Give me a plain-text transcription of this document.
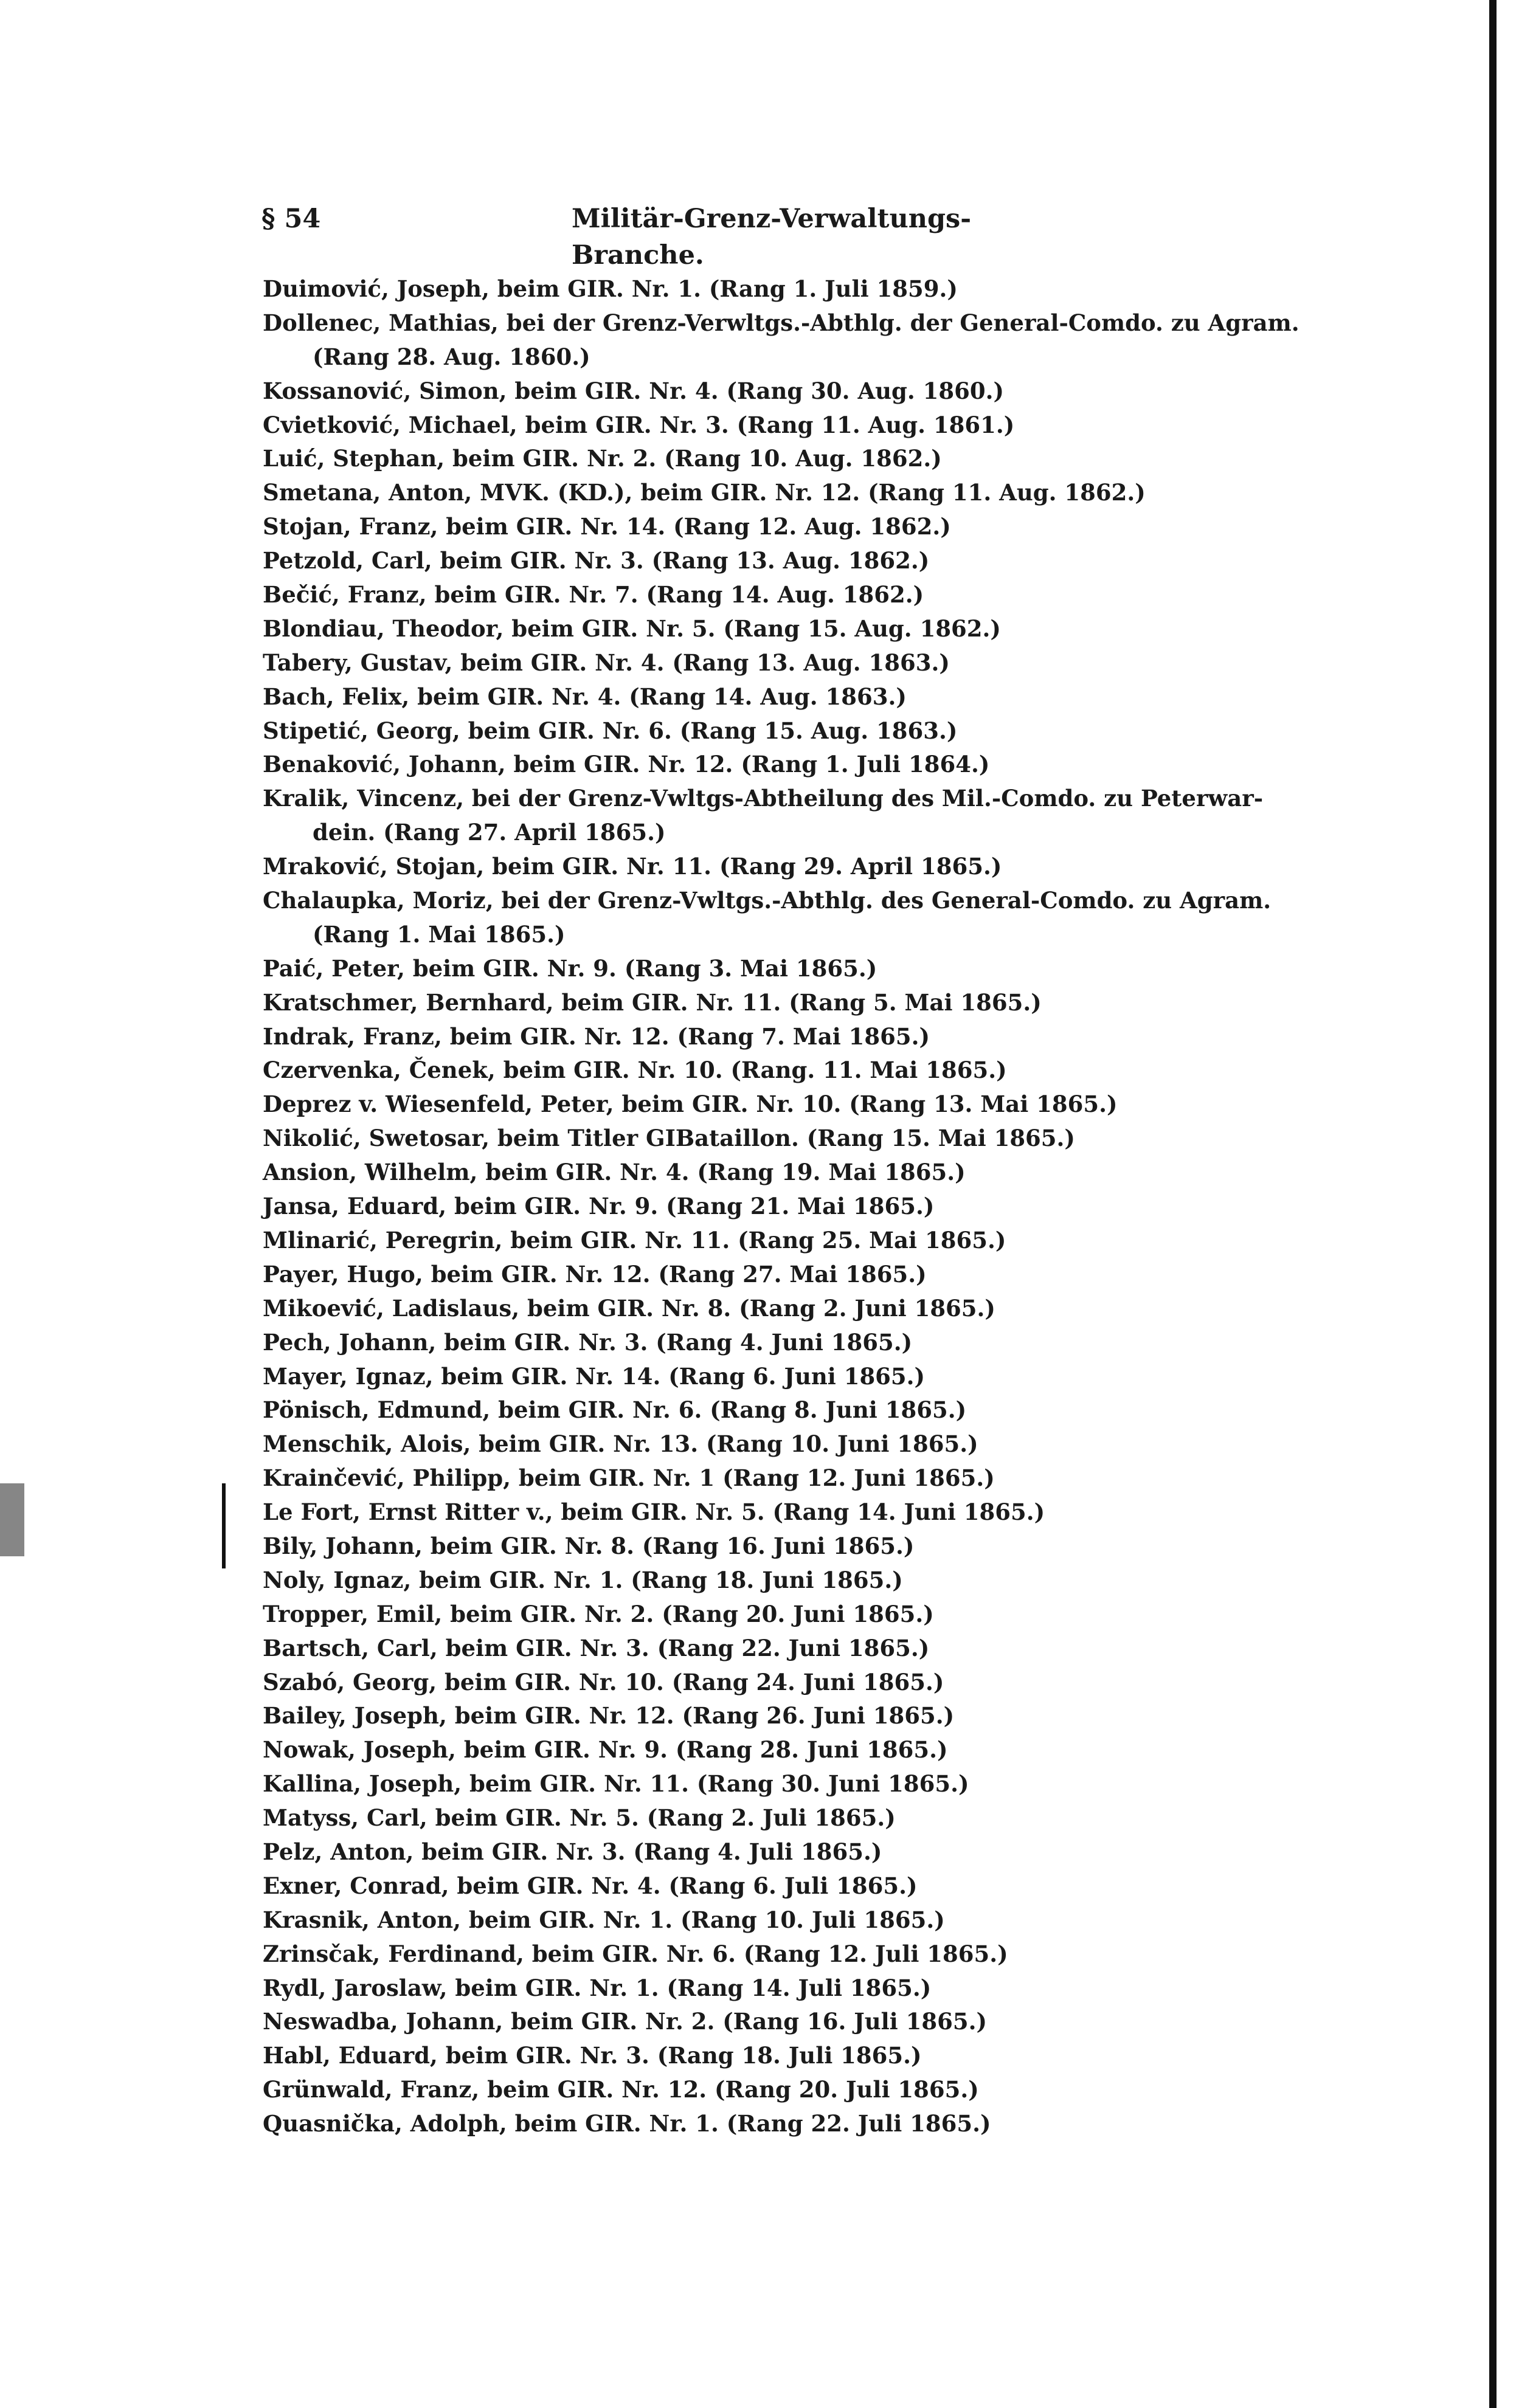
§ 54	Militär-Grenz-Verwaltungs-Branche.
Duimović, Joseph, beim GIR. Nr. 1. (Rang 1. Juli 1859.)
Dollenec, Mathias, bei der Grenz-Verwltgs.-Abthlg. der General-Comdo. zu Agram.
(Rang 28. Aug. 1860.)
Kossanović, Simon, beim GIR. Nr. 4. (Rang 30. Aug. 1860.)
Cvietković, Michael, beim GIR. Nr. 3. (Rang 11. Aug. 1861.)
Luić, Stephan, beim GIR. Nr. 2. (Rang 10. Aug. 1862.)
Smetana, Anton, MVK. (KD.), beim GIR. Nr. 12. (Rang 11. Aug. 1862.)
Stojan, Franz, beim GIR. Nr. 14. (Rang 12. Aug. 1862.)
Petzold, Carl, beim GIR. Nr. 3. (Rang 13. Aug. 1862.)
Bečić, Franz, beim GIR. Nr. 7. (Rang 14. Aug. 1862.)
Blondiau, Theodor, beim GIR. Nr. 5. (Rang 15. Aug. 1862.)
Tabery, Gustav, beim GIR. Nr. 4. (Rang 13. Aug. 1863.)
Bach, Felix, beim GIR. Nr. 4. (Rang 14. Aug. 1863.)
Stipetić, Georg, beim GIR. Nr. 6. (Rang 15. Aug. 1863.)
Benaković, Johann, beim GIR. Nr. 12. (Rang 1. Juli 1864.)
Kralik, Vincenz, bei der Grenz-Vwltgs-Abtheilung des Mil.-Comdo. zu Peterwar-
dein. (Rang 27. April 1865.)
Mraković, Stojan, beim GIR. Nr. 11. (Rang 29. April 1865.)
Chalaupka, Moriz, bei der Grenz-Vwltgs.-Abthlg. des General-Comdo. zu Agram.
(Rang 1. Mai 1865.)
Paić, Peter, beim GIR. Nr. 9. (Rang 3. Mai 1865.)
Kratschmer, Bernhard, beim GIR. Nr. 11. (Rang 5. Mai 1865.)
Indrak, Franz, beim GIR. Nr. 12. (Rang 7. Mai 1865.)
Czervenka, Čenek, beim GIR. Nr. 10. (Rang. 11. Mai 1865.)
Deprez v. Wiesenfeld, Peter, beim GIR. Nr. 10. (Rang 13. Mai 1865.)
Nikolić, Swetosar, beim Titler GIBataillon. (Rang 15. Mai 1865.)
Ansion, Wilhelm, beim GIR. Nr. 4. (Rang 19. Mai 1865.)
Jansa, Eduard, beim GIR. Nr. 9. (Rang 21. Mai 1865.)
Mlinarić, Peregrin, beim GIR. Nr. 11. (Rang 25. Mai 1865.)
Payer, Hugo, beim GIR. Nr. 12. (Rang 27. Mai 1865.)
Mikoević, Ladislaus, beim GIR. Nr. 8. (Rang 2. Juni 1865.)
Pech, Johann, beim GIR. Nr. 3. (Rang 4. Juni 1865.)
Mayer, Ignaz, beim GIR. Nr. 14. (Rang 6. Juni 1865.)
Pönisch, Edmund, beim GIR. Nr. 6. (Rang 8. Juni 1865.)
Menschik, Alois, beim GIR. Nr. 13. (Rang 10. Juni 1865.)
Krainčević, Philipp, beim GIR. Nr. 1 (Rang 12. Juni 1865.)
Le Fort, Ernst Ritter v., beim GIR. Nr. 5. (Rang 14. Juni 1865.)
Bily, Johann, beim GIR. Nr. 8. (Rang 16. Juni 1865.)
Noly, Ignaz, beim GIR. Nr. 1. (Rang 18. Juni 1865.)
Tropper, Emil, beim GIR. Nr. 2. (Rang 20. Juni 1865.)
Bartsch, Carl, beim GIR. Nr. 3. (Rang 22. Juni 1865.)
Szabó, Georg, beim GIR. Nr. 10. (Rang 24. Juni 1865.)
Bailey, Joseph, beim GIR. Nr. 12. (Rang 26. Juni 1865.)
Nowak, Joseph, beim GIR. Nr. 9. (Rang 28. Juni 1865.)
Kallina, Joseph, beim GIR. Nr. 11. (Rang 30. Juni 1865.)
Matyss, Carl, beim GIR. Nr. 5. (Rang 2. Juli 1865.)
Pelz, Anton, beim GIR. Nr. 3. (Rang 4. Juli 1865.)
Exner, Conrad, beim GIR. Nr. 4. (Rang 6. Juli 1865.)
Krasnik, Anton, beim GIR. Nr. 1. (Rang 10. Juli 1865.)
Zrinsčak, Ferdinand, beim GIR. Nr. 6. (Rang 12. Juli 1865.)
Rydl, Jaroslaw, beim GIR. Nr. 1. (Rang 14. Juli 1865.)
Neswadba, Johann, beim GIR. Nr. 2. (Rang 16. Juli 1865.)
Habl, Eduard, beim GIR. Nr. 3. (Rang 18. Juli 1865.)
Grünwald, Franz, beim GIR. Nr. 12. (Rang 20. Juli 1865.)
Quasnička, Adolph, beim GIR. Nr. 1. (Rang 22. Juli 1865.)
